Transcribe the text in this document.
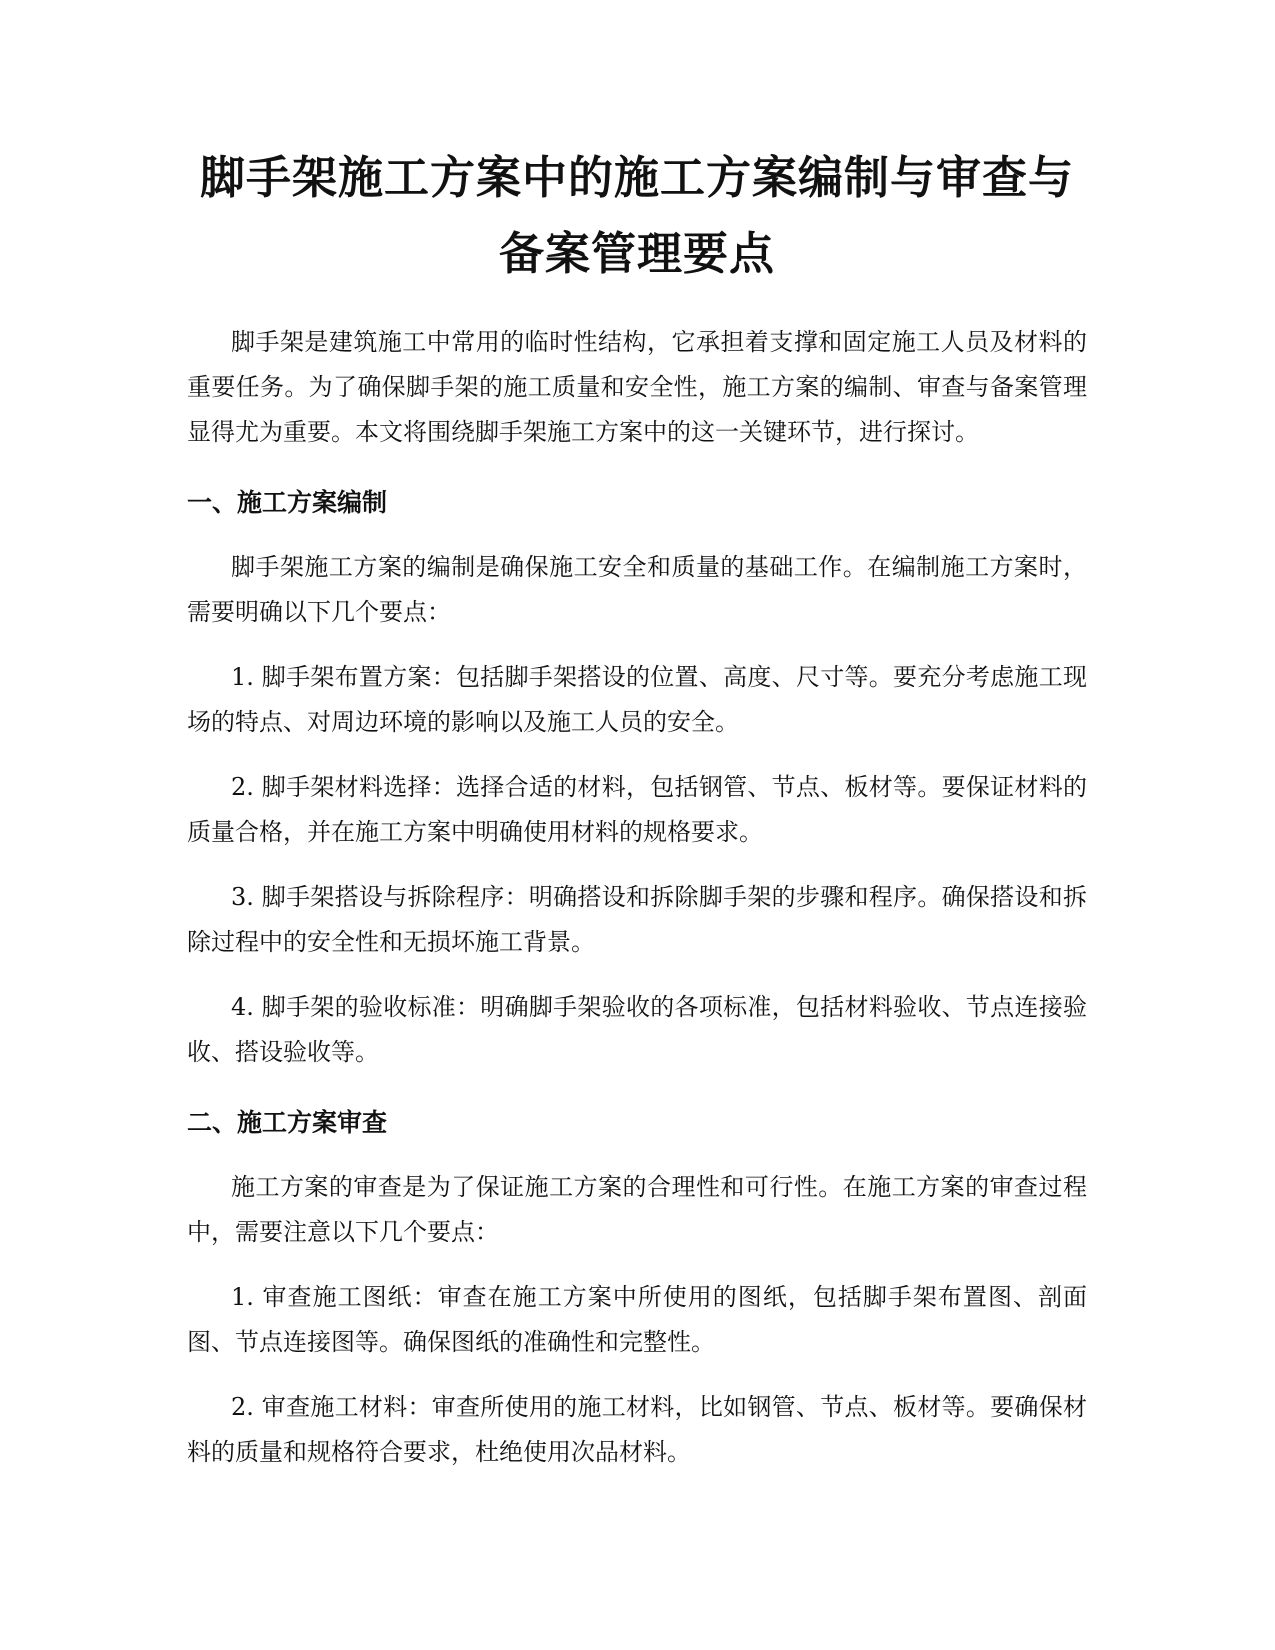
脚手架施工方案中的施工方案编制与审查与
备案管理要点

脚手架是建筑施工中常用的临时性结构，它承担着支撑和固定施工人员及材料的重要任务。为了确保脚手架的施工质量和安全性，施工方案的编制、审查与备案管理显得尤为重要。本文将围绕脚手架施工方案中的这一关键环节，进行探讨。

一、施工方案编制

脚手架施工方案的编制是确保施工安全和质量的基础工作。在编制施工方案时，需要明确以下几个要点：

1. 脚手架布置方案：包括脚手架搭设的位置、高度、尺寸等。要充分考虑施工现场的特点、对周边环境的影响以及施工人员的安全。

2. 脚手架材料选择：选择合适的材料，包括钢管、节点、板材等。要保证材料的质量合格，并在施工方案中明确使用材料的规格要求。

3. 脚手架搭设与拆除程序：明确搭设和拆除脚手架的步骤和程序。确保搭设和拆除过程中的安全性和无损坏施工背景。

4. 脚手架的验收标准：明确脚手架验收的各项标准，包括材料验收、节点连接验收、搭设验收等。

二、施工方案审查

施工方案的审查是为了保证施工方案的合理性和可行性。在施工方案的审查过程中，需要注意以下几个要点：

1. 审查施工图纸：审查在施工方案中所使用的图纸，包括脚手架布置图、剖面图、节点连接图等。确保图纸的准确性和完整性。

2. 审查施工材料：审查所使用的施工材料，比如钢管、节点、板材等。要确保材料的质量和规格符合要求，杜绝使用次品材料。
